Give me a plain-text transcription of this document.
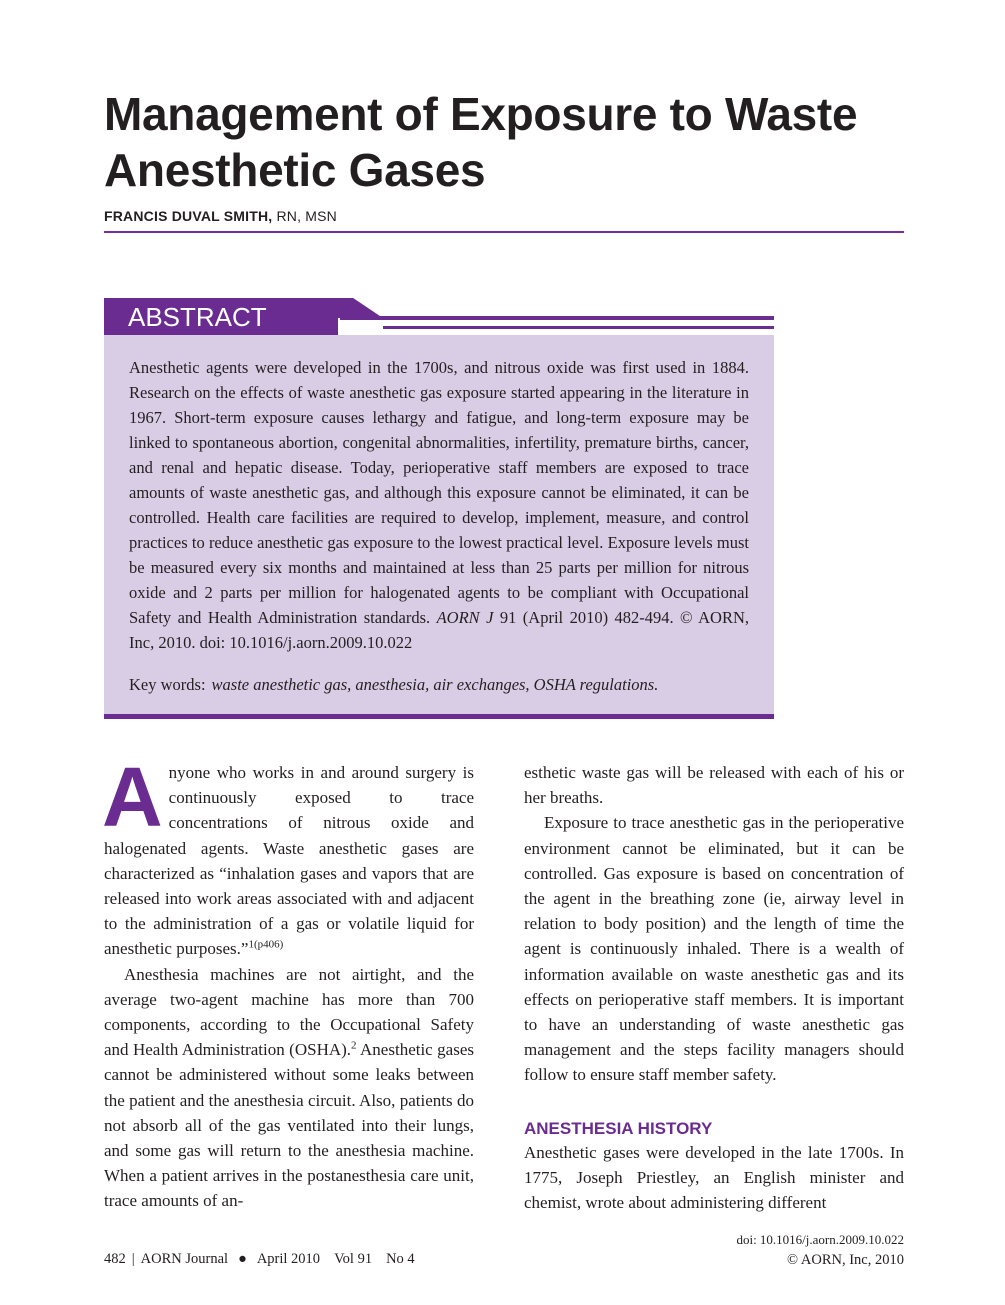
Management of Exposure to Waste Anesthetic Gases
FRANCIS DUVAL SMITH, RN, MSN
ABSTRACT

Anesthetic agents were developed in the 1700s, and nitrous oxide was first used in 1884. Research on the effects of waste anesthetic gas exposure started appearing in the literature in 1967. Short-term exposure causes lethargy and fatigue, and long-term exposure may be linked to spontaneous abortion, congenital abnormalities, infertility, premature births, cancer, and renal and hepatic disease. Today, perioperative staff members are exposed to trace amounts of waste anesthetic gas, and although this exposure cannot be eliminated, it can be controlled. Health care facilities are required to develop, implement, measure, and control practices to reduce anesthetic gas exposure to the lowest practical level. Exposure levels must be measured every six months and maintained at less than 25 parts per million for nitrous oxide and 2 parts per million for halogenated agents to be compliant with Occupational Safety and Health Administration standards. AORN J 91 (April 2010) 482-494. © AORN, Inc, 2010. doi: 10.1016/j.aorn.2009.10.022

Key words: waste anesthetic gas, anesthesia, air exchanges, OSHA regulations.

Anyone who works in and around surgery is continuously exposed to trace concentrations of nitrous oxide and halogenated agents. Waste anesthetic gases are characterized as “inhalation gases and vapors that are released into work areas associated with and adjacent to the administration of a gas or volatile liquid for anesthetic purposes.”$^{1(p406)}$

Anesthesia machines are not airtight, and the average two-agent machine has more than 700 components, according to the Occupational Safety and Health Administration (OSHA).$^2$ Anesthetic gases cannot be administered without some leaks between the patient and the anesthesia circuit. Also, patients do not absorb all of the gas ventilated into their lungs, and some gas will return to the anesthesia machine. When a patient arrives in the postanesthesia care unit, trace amounts of an-

esthetic waste gas will be released with each of his or her breaths.

Exposure to trace anesthetic gas in the perioperative environment cannot be eliminated, but it can be controlled. Gas exposure is based on concentration of the agent in the breathing zone (ie, airway level in relation to body position) and the length of time the agent is continuously inhaled. There is a wealth of information available on waste anesthetic gas and its effects on perioperative staff members. It is important to have an understanding of waste anesthetic gas management and the steps facility managers should follow to ensure staff member safety.

ANESTHESIA HISTORY

Anesthetic gases were developed in the late 1700s. In 1775, Joseph Priestley, an English minister and chemist, wrote about administering different

482 | AORN Journal ● April 2010 Vol 91 No 4
doi: 10.1016/j.aorn.2009.10.022
© AORN, Inc, 2010
